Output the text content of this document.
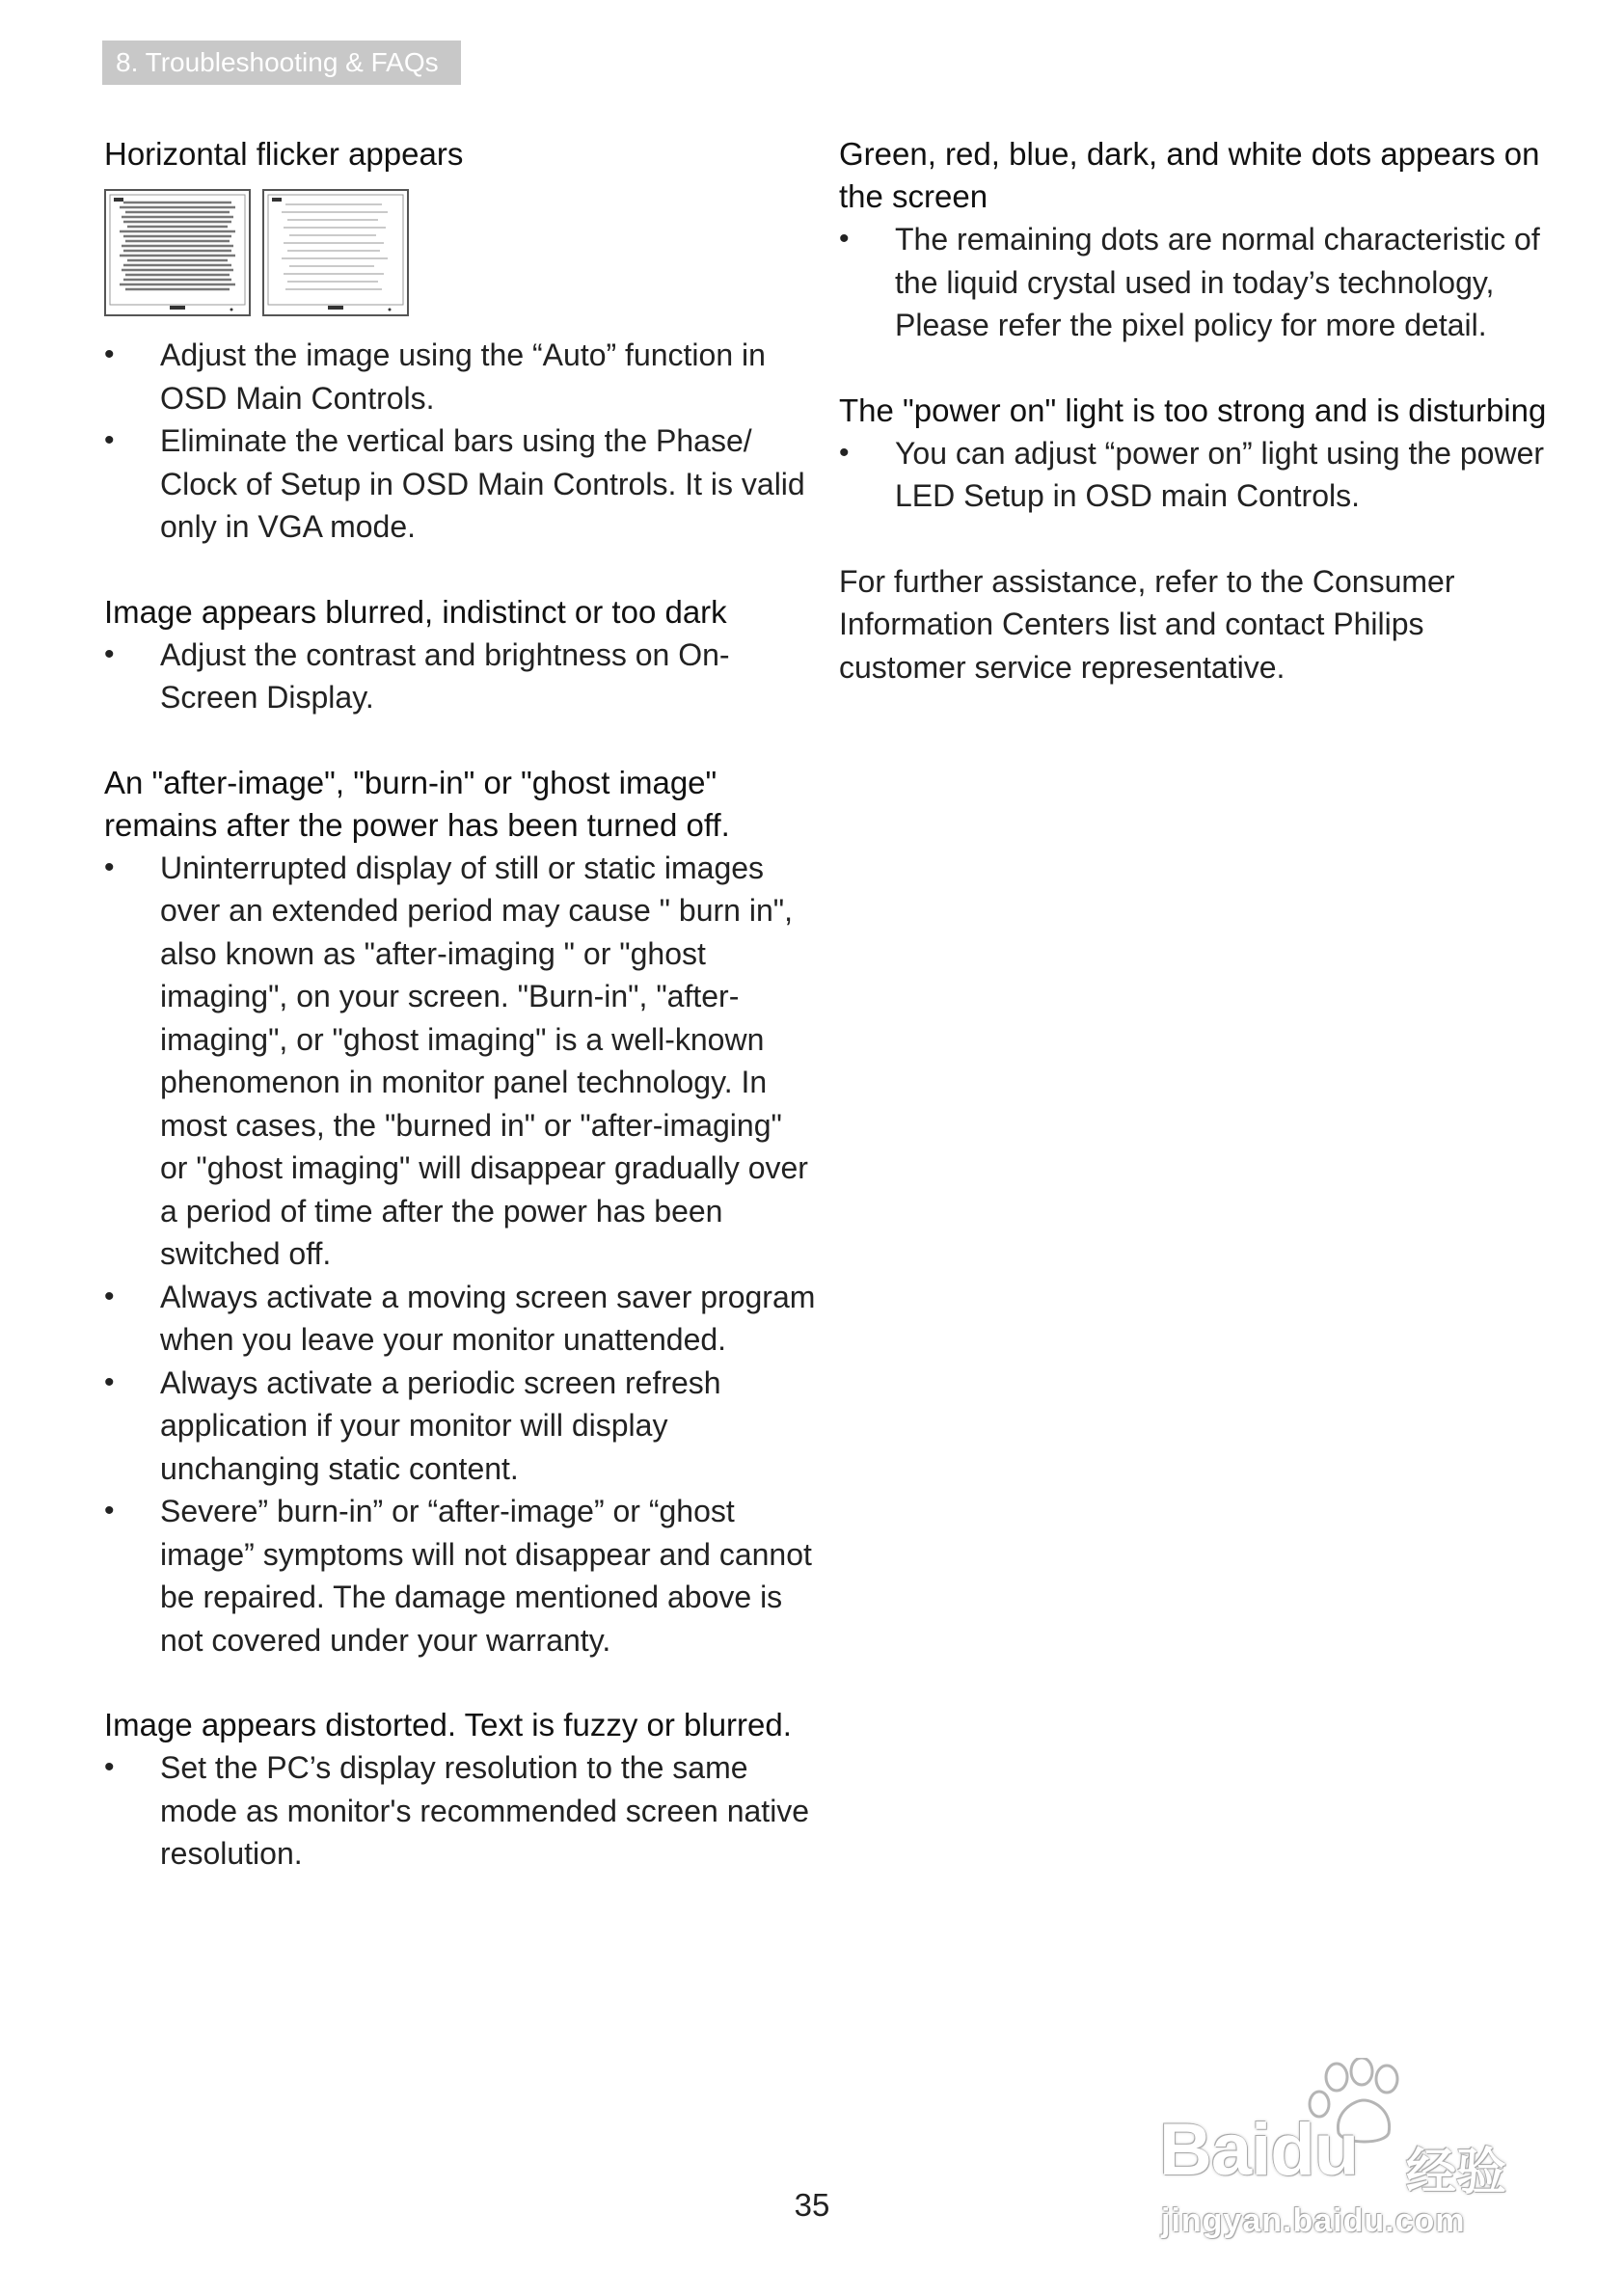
8. Troubleshooting & FAQs
Horizontal flicker appears
• Adjust the image using the “Auto” function in OSD Main Controls.
• Eliminate the vertical bars using the Phase/ Clock of Setup in OSD Main Controls. It is valid only in VGA mode.
Image appears blurred, indistinct or too dark
• Adjust the contrast and brightness on On-Screen Display.
An "after-image", "burn-in" or "ghost image" remains after the power has been turned off.
• Uninterrupted display of still or static images over an extended period may cause " burn in", also known as "after-imaging " or "ghost imaging", on your screen. "Burn-in", "after-imaging", or "ghost imaging" is a well-known phenomenon in monitor panel technology. In most cases, the "burned in" or "after-imaging" or "ghost imaging" will disappear gradually over a period of time after the power has been switched off.
• Always activate a moving screen saver program when you leave your monitor unattended.
• Always activate a periodic screen refresh application if your monitor will display unchanging static content.
• Severe” burn-in” or “after-image” or “ghost image” symptoms will not disappear and cannot be repaired. The damage mentioned above is not covered under your warranty.
Image appears distorted. Text is fuzzy or blurred.
• Set the PC’s display resolution to the same mode as monitor's recommended screen native resolution.
Green, red, blue, dark, and white dots appears on the screen
• The remaining dots are normal characteristic of the liquid crystal used in today’s technology, Please refer the pixel policy for more detail.
The "power on" light is too strong and is disturbing
• You can adjust “power on” light using the power LED Setup in OSD main Controls.

For further assistance, refer to the Consumer Information Centers list and contact Philips customer service representative.

35
Baidu 经验
jingyan.baidu.com
